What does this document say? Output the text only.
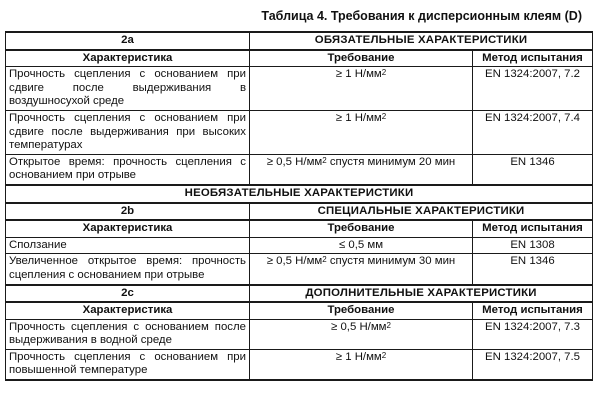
Таблица 4. Требования к дисперсионным клеям (D)
2a	ОБЯЗАТЕЛЬНЫЕ ХАРАКТЕРИСТИКИ	
Характеристика	Требование	Метод испытания
Прочность сцепления с основанием при сдвиге после выдерживания в воздушносухой среде	≥ 1 $Н/мм^2$	EN 1324:2007, 7.2
Прочность сцепления с основанием при сдвиге после выдерживания при высоких температурах	≥ 1 $Н/мм^2$	EN 1324:2007, 7.4
Открытое время: прочность сцепления с основанием при отрыве	≥ 0,5 $Н/мм^2$ спустя минимум 20 мин	EN 1346
НЕОБЯЗАТЕЛЬНЫЕ ХАРАКТЕРИСТИКИ		
2b	СПЕЦИАЛЬНЫЕ ХАРАКТЕРИСТИКИ	
Характеристика	Требование	Метод испытания
Сползание	≤ 0,5 мм	EN 1308
Увеличенное открытое время: прочность сцепления с основанием при отрыве	≥ 0,5 $Н/мм^2$ спустя минимум 30 мин	EN 1346
2c	ДОПОЛНИТЕЛЬНЫЕ ХАРАКТЕРИСТИКИ	
Характеристика	Требование	Метод испытания
Прочность сцепления с основанием после выдерживания в водной среде	≥ 0,5 $Н/мм^2$	EN 1324:2007, 7.3
Прочность сцепления с основанием при повышенной температуре	≥ 1 $Н/мм^2$	EN 1324:2007, 7.5
